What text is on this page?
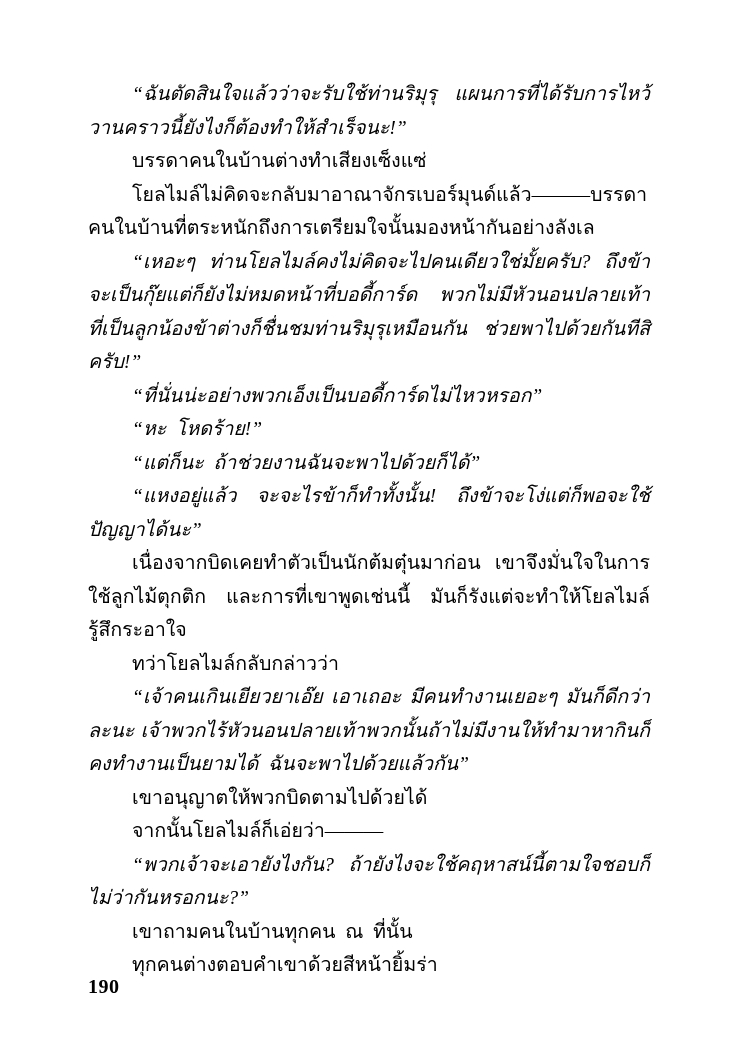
“ฉันตัดสินใจแล้วว่าจะรับใช้ท่านริมุรุ แผนการที่ได้รับการไหว้วานคราวนี้ยังไงก็ต้องทำให้สำเร็จนะ!”

บรรดาคนในบ้านต่างทำเสียงเซ็งแซ่

โยลไมล์ไม่คิดจะกลับมาอาณาจักรเบอร์มุนด์แล้ว———บรรดาคนในบ้านที่ตระหนักถึงการเตรียมใจนั้นมองหน้ากันอย่างลังเล

“เหอะๆ ท่านโยลไมล์คงไม่คิดจะไปคนเดียวใช่มั้ยครับ? ถึงข้าจะเป็นกุ๊ยแต่ก็ยังไม่หมดหน้าที่บอดี้การ์ด  พวกไม่มีหัวนอนปลายเท้าที่เป็นลูกน้องข้าต่างก็ชื่นชมท่านริมุรุเหมือนกัน  ช่วยพาไปด้วยกันทีสิครับ!”

“ที่นั่นน่ะอย่างพวกเอ็งเป็นบอดี้การ์ดไม่ไหวหรอก”

“หะ  โหดร้าย!”

“แต่ก็นะ  ถ้าช่วยงานฉันจะพาไปด้วยก็ได้”

“แหงอยู่แล้ว จะจะไรข้าก็ทำทั้งนั้น! ถึงข้าจะโง่แต่ก็พอจะใช้ปัญญาได้นะ”

เนื่องจากบิดเคยทำตัวเป็นนักต้มตุ๋นมาก่อน เขาจึงมั่นใจในการใช้ลูกไม้ตุกติก  และการที่เขาพูดเช่นนี้  มันก็รังแต่จะทำให้โยลไมล์รู้สึกระอาใจ

ทว่าโยลไมล์กลับกล่าวว่า

“เจ้าคนเกินเยียวยาเอ๊ย เอาเถอะ มีคนทำงานเยอะๆ มันก็ดีกว่าละนะ เจ้าพวกไร้หัวนอนปลายเท้าพวกนั้นถ้าไม่มีงานให้ทำมาหากินก็คงทำงานเป็นยามได้  ฉันจะพาไปด้วยแล้วกัน”

เขาอนุญาตให้พวกบิดตามไปด้วยได้

จากนั้นโยลไมล์ก็เอ่ยว่า———

“พวกเจ้าจะเอายังไงกัน?  ถ้ายังไงจะใช้คฤหาสน์นี้ตามใจชอบก็ไม่ว่ากันหรอกนะ?”

เขาถามคนในบ้านทุกคน  ณ  ที่นั้น

ทุกคนต่างตอบคำเขาด้วยสีหน้ายิ้มร่า

190
